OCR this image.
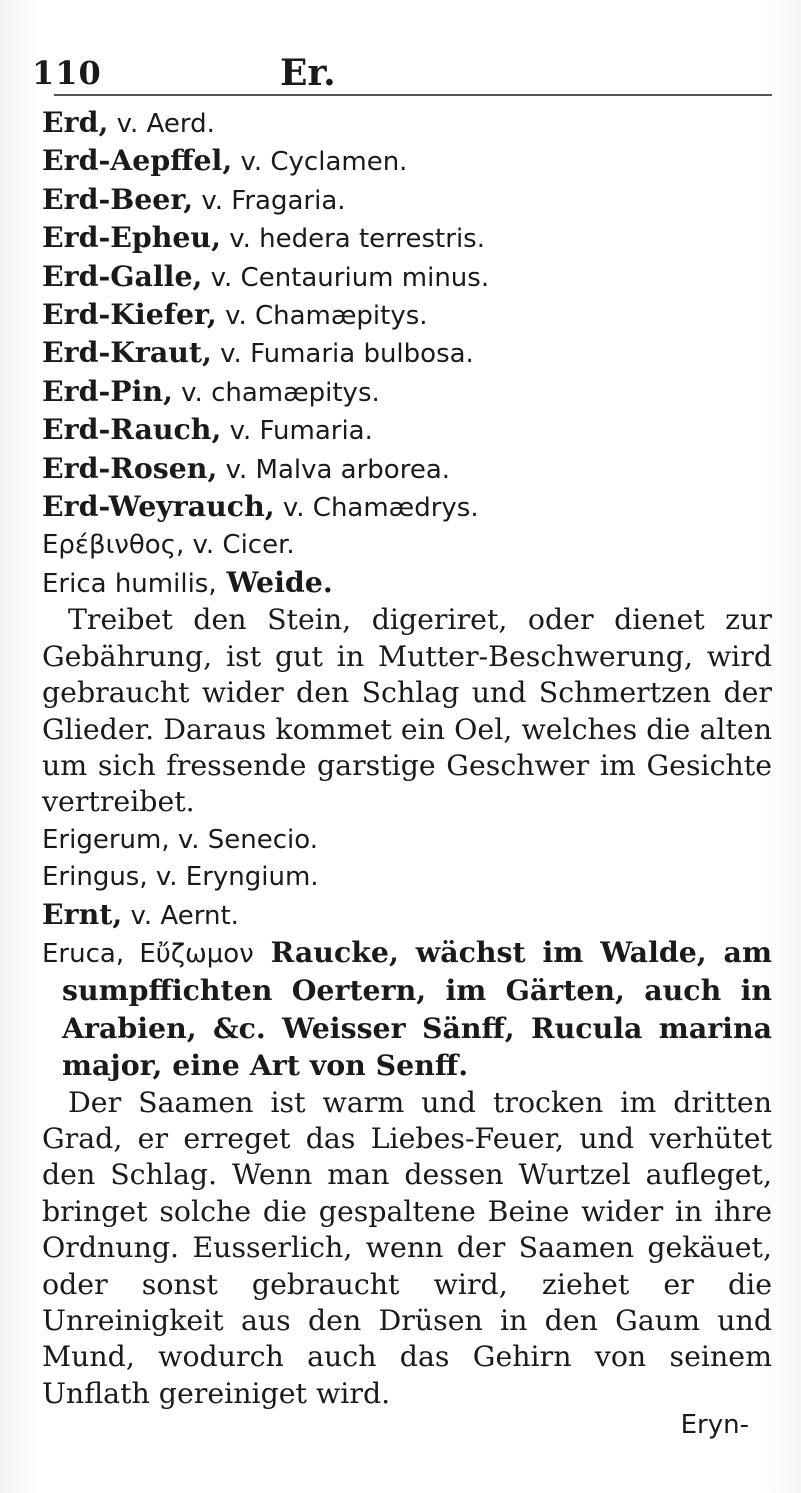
110	Er.

Erd, v. Aerd.

Erd-Aepffel, v. Cyclamen.

Erd-Beer, v. Fragaria.

Erd-Epheu, v. hedera terrestris.

Erd-Galle, v. Centaurium minus.

Erd-Kiefer, v. Chamæpitys.

Erd-Kraut, v. Fumaria bulbosa.

Erd-Pin, v. chamæpitys.

Erd-Rauch, v. Fumaria.

Erd-Rosen, v. Malva arborea.

Erd-Weyrauch, v. Chamædrys.

Ερέβινθος, v. Cicer.

Erica humilis, Weide.

Treibet den Stein, digeriret, oder dienet zur Gebährung, ist gut in Mutter-Beschwerung, wird gebraucht wider den Schlag und Schmertzen der Glieder. Daraus kommet ein Oel, welches die alten um sich fressende garstige Geschwer im Gesichte vertreibet.

Erigerum, v. Senecio.

Eringus, v. Eryngium.

Ernt, v. Aernt.

Eruca, Εὔζωμον Raucke, wächst im Walde, am sumpffichten Oertern, im Gärten, auch in Arabien, &c. Weisser Sänff, Rucula marina major, eine Art von Senff.

Der Saamen ist warm und trocken im dritten Grad, er erreget das Liebes-Feuer, und verhütet den Schlag. Wenn man dessen Wurtzel aufleget, bringet solche die gespaltene Beine wider in ihre Ordnung. Eusserlich, wenn der Saamen gekäuet, oder sonst gebraucht wird, ziehet er die Unreinigkeit aus den Drüsen in den Gaum und Mund, wodurch auch das Gehirn von seinem Unflath gereiniget wird.

Eryn-
